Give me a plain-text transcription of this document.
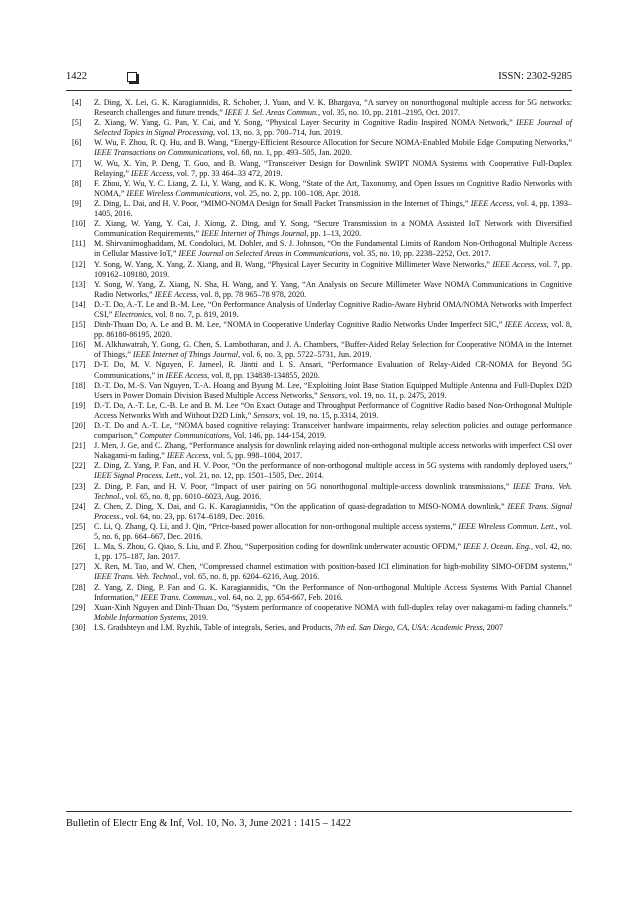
1422	ISSN: 2302-9285

[4] Z. Ding, X. Lei, G. K. Karagiannidis, R. Schober, J. Yuan, and V. K. Bhargava, “A survey on nonorthogonal multiple access for 5G networks: Research challenges and future trends,” IEEE J. Sel. Areas Commun., vol. 35, no. 10, pp. 2181–2195, Oct. 2017.

[5] Z. Xiang, W. Yang, G. Pan, Y. Cai, and Y. Song, “Physical Layer Security in Cognitive Radio Inspired NOMA Network,” IEEE Journal of Selected Topics in Signal Processing, vol. 13, no. 3, pp. 700–714, Jun. 2019.

[6] W. Wu, F. Zhou, R. Q. Hu, and B. Wang, “Energy-Efficient Resource Allocation for Secure NOMA-Enabled Mobile Edge Computing Networks,” IEEE Transactions on Communications, vol. 68, no. 1, pp. 493–505, Jan. 2020.

[7] W. Wu, X. Yin, P. Deng, T. Guo, and B. Wang, “Transceiver Design for Downlink SWIPT NOMA Systems with Cooperative Full-Duplex Relaying,” IEEE Access, vol. 7, pp. 33 464–33 472, 2019.

[8] F. Zhou, Y. Wu, Y. C. Liang, Z. Li, Y. Wang, and K. K. Wong, “State of the Art, Taxonomy, and Open Issues on Cognitive Radio Networks with NOMA,” IEEE Wireless Communications, vol. 25, no. 2, pp. 100–108, Apr. 2018.

[9] Z. Ding, L. Dai, and H. V. Poor, “MIMO-NOMA Design for Small Packet Transmission in the Internet of Things,” IEEE Access, vol. 4, pp. 1393–1405, 2016.

[10] Z. Xiang, W. Yang, Y. Cai, J. Xiong, Z. Ding, and Y. Song, “Secure Transmission in a NOMA Assisted IoT Network with Diversified Communication Requirements,” IEEE Internet of Things Journal, pp. 1–13, 2020.

[11] M. Shirvanimoghaddam, M. Condoluci, M. Dohler, and S. J. Johnson, “On the Fundamental Limits of Random Non-Orthogonal Multiple Access in Cellular Massive IoT,” IEEE Journal on Selected Areas in Communications, vol. 35, no. 10, pp. 2238–2252, Oct. 2017.

[12] Y. Song, W. Yang, X. Yang, Z. Xiang, and B. Wang, “Physical Layer Security in Cognitive Millimeter Wave Networks,” IEEE Access, vol. 7, pp. 109162–109180, 2019.

[13] Y. Song, W. Yang, Z. Xiang, N. Sha, H. Wang, and Y. Yang, “An Analysis on Secure Millimeter Wave NOMA Communications in Cognitive Radio Networks,” IEEE Access, vol. 8, pp. 78 965–78 978, 2020.

[14] D.-T. Do, A.-T. Le and B.-M. Lee, “On Performance Analysis of Underlay Cognitive Radio-Aware Hybrid OMA/NOMA Networks with Imperfect CSI,” Electronics, vol. 8 no. 7, p. 819, 2019.

[15] Dinh-Thuan Do, A. Le and B. M. Lee, “NOMA in Cooperative Underlay Cognitive Radio Networks Under Imperfect SIC,” IEEE Access, vol. 8, pp. 86180-86195, 2020.

[16] M. Alkhawatrah, Y. Gong, G. Chen, S. Lambotharan, and J. A. Chambers, “Buffer-Aided Relay Selection for Cooperative NOMA in the Internet of Things,” IEEE Internet of Things Journal, vol. 6, no. 3, pp. 5722–5731, Jun. 2019.

[17] D-T. Do, M. V. Nguyen, F. Jameel, R. Jäntti and I. S. Ansari, “Performance Evaluation of Relay-Aided CR-NOMA for Beyond 5G Communications,” in IEEE Access, vol. 8, pp. 134838-134855, 2020.

[18] D.-T. Do, M.-S. Van Nguyen, T.-A. Hoang and Byung M. Lee, “Exploiting Joint Base Station Equipped Multiple Antenna and Full-Duplex D2D Users in Power Domain Division Based Multiple Access Networks,” Sensors, vol. 19, no. 11, p. 2475, 2019.

[19] D.-T. Do, A.-T. Le, C.-B. Le and B. M. Lee “On Exact Outage and Throughput Performance of Cognitive Radio based Non-Orthogonal Multiple Access Networks With and Without D2D Link,” Sensors, vol. 19, no. 15, p.3314, 2019.

[20] D.-T. Do and A.-T. Le, “NOMA based cognitive relaying: Transceiver hardware impairments, relay selection policies and outage performance comparison,” Computer Communications, Vol. 146, pp. 144-154, 2019.

[21] J. Men, J. Ge, and C. Zhang, “Performance analysis for downlink relaying aided non-orthogonal multiple access networks with imperfect CSI over Nakagami-m fading,” IEEE Access, vol. 5, pp. 998–1004, 2017.

[22] Z. Ding, Z. Yang, P. Fan, and H. V. Poor, “On the performance of non-orthogonal multiple access in 5G systems with randomly deployed users,” IEEE Signal Process. Lett., vol. 21, no. 12, pp. 1501–1505, Dec. 2014.

[23] Z. Ding, P. Fan, and H. V. Poor, “Impact of user pairing on 5G nonorthogonal multiple-access downlink transmissions,” IEEE Trans. Veh. Technol., vol. 65, no. 8, pp. 6010–6023, Aug. 2016.

[24] Z. Chen, Z. Ding, X. Dai, and G. K. Karagiannidis, “On the application of quasi-degradation to MISO-NOMA downlink,” IEEE Trans. Signal Process., vol. 64, no. 23, pp. 6174–6189, Dec. 2016.

[25] C. Li, Q. Zhang, Q. Li, and J. Qin, “Price-based power allocation for non-orthogonal multiple access systems,” IEEE Wireless Commun. Lett., vol. 5, no. 6, pp. 664–667, Dec. 2016.

[26] L. Ma, S. Zhou, G. Qiao, S. Liu, and F. Zhou, “Superposition coding for downlink underwater acoustic OFDM,” IEEE J. Ocean. Eng., vol. 42, no. 1, pp. 175–187, Jan. 2017.

[27] X. Ren, M. Tao, and W. Chen, “Compressed channel estimation with position-based ICI elimination for high-mobility SIMO-OFDM systems,” IEEE Trans. Veh. Technol., vol. 65, no. 8, pp. 6204–6216, Aug. 2016.

[28] Z. Yang, Z. Ding, P. Fan and G. K. Karagiannidis, “On the Performance of Non-orthogonal Multiple Access Systems With Partial Channel Information,” IEEE Trans. Commun., vol. 64, no. 2, pp. 654-667, Feb. 2016.

[29] Xuan-Xinh Nguyen and Dinh-Thuan Do, ”System performance of cooperative NOMA with full-duplex relay over nakagami-m fading channels.” Mobile Information Systems, 2019.

[30] I.S. Gradshteyn and I.M. Ryzhik, Table of integrals, Series, and Products, 7th ed. San Diego, CA, USA: Academic Press, 2007

Bulletin of Electr Eng & Inf, Vol. 10, No. 3, June 2021 : 1415 – 1422
